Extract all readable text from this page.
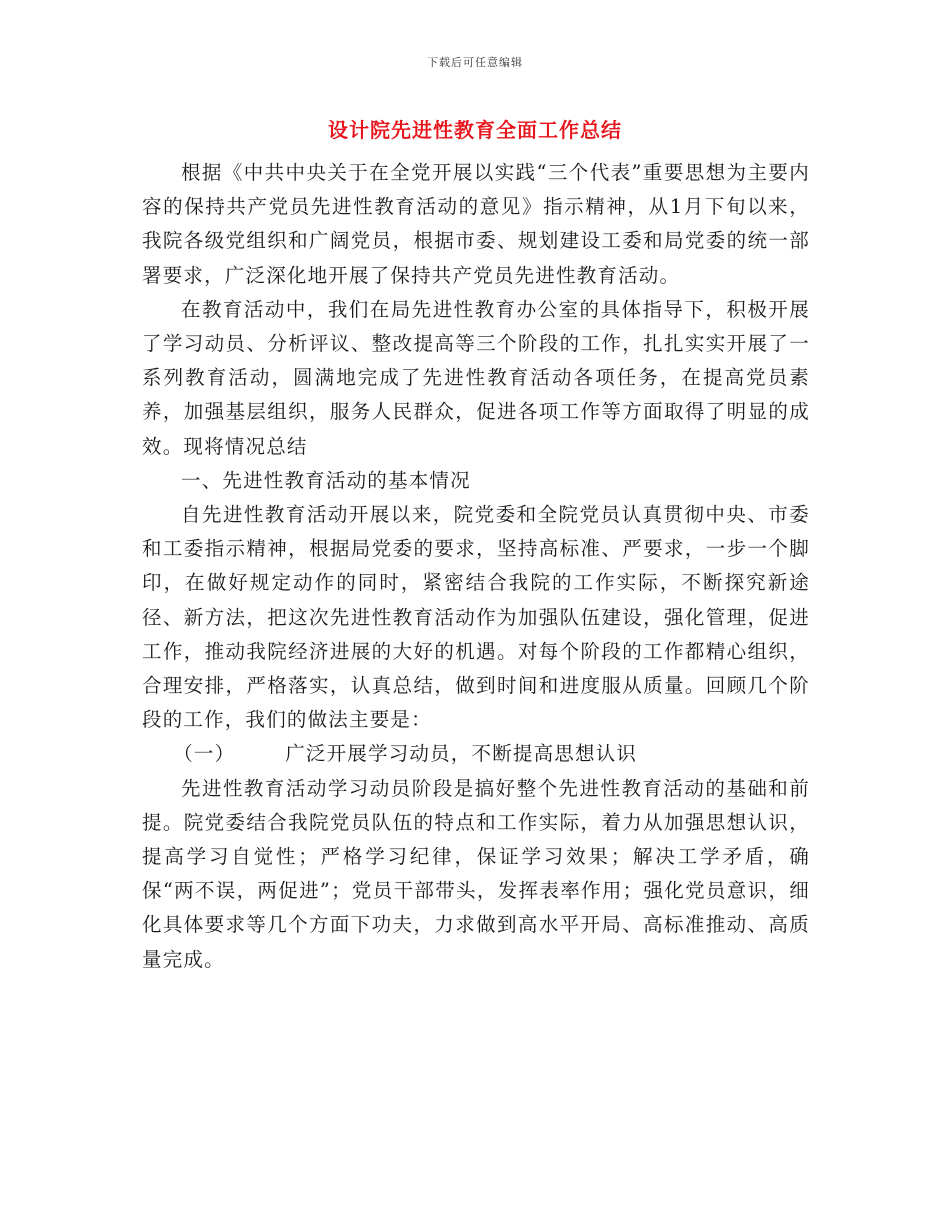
下载后可任意编辑
设计院先进性教育全面工作总结

根据《中共中央关于在全党开展以实践“三个代表”重要思想为主要内容的保持共产党员先进性教育活动的意见》指示精神，从1月下旬以来，我院各级党组织和广阔党员，根据市委、规划建设工委和局党委的统一部署要求，广泛深化地开展了保持共产党员先进性教育活动。

在教育活动中，我们在局先进性教育办公室的具体指导下，积极开展了学习动员、分析评议、整改提高等三个阶段的工作，扎扎实实开展了一系列教育活动，圆满地完成了先进性教育活动各项任务，在提高党员素养，加强基层组织，服务人民群众，促进各项工作等方面取得了明显的成效。现将情况总结

一、先进性教育活动的基本情况

自先进性教育活动开展以来，院党委和全院党员认真贯彻中央、市委和工委指示精神，根据局党委的要求，坚持高标准、严要求，一步一个脚印，在做好规定动作的同时，紧密结合我院的工作实际，不断探究新途径、新方法，把这次先进性教育活动作为加强队伍建设，强化管理，促进工作，推动我院经济进展的大好的机遇。对每个阶段的工作都精心组织，合理安排，严格落实，认真总结，做到时间和进度服从质量。回顾几个阶段的工作，我们的做法主要是：

（一）	广泛开展学习动员，不断提高思想认识

先进性教育活动学习动员阶段是搞好整个先进性教育活动的基础和前提。院党委结合我院党员队伍的特点和工作实际，着力从加强思想认识，提高学习自觉性；严格学习纪律，保证学习效果；解决工学矛盾，确保“两不误，两促进”；党员干部带头，发挥表率作用；强化党员意识，细化具体要求等几个方面下功夫，力求做到高水平开局、高标准推动、高质量完成。
